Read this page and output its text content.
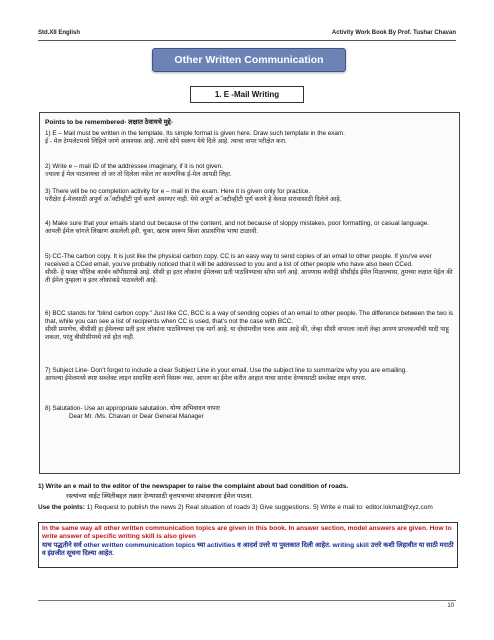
Std.XII English	Activity Work Book By Prof. Tushar Chavan
Other Written Communication
1. E -Mail Writing
Points to be remembered- लक्षात ठेवायचे मुद्दे-
1) E – Mail must be written in the template. Its simple format is given here. Draw such template in the exam.
ई - मेल टेम्पलेटमध्ये लिहिले जाणे आवश्यक आहे. त्याचे सोपे स्वरूप येथे दिले आहे. त्याचा वापर परीक्षेत करा.
2) Write e – mail ID of the addressee imaginary, if it is not given.
ज्याला ई मेल पाठवायचा तो जर तो दिलेला नसेल तर काल्पनिक ई-मेल आयडी लिहा.
3) There will be no completion activity for e – mail in the exam. Here it is given only for practice.
परीक्षेत ई-मेलसाठी अपूर्ण अॅक्टीव्हीटी पूर्ण करणे असणार नाही. येथे अपूर्ण अॅक्टीव्हीटी पूर्ण करणे हे केवळ सरावासाठी दिलेले आहे.
4) Make sure that your emails stand out because of the content, and not because of sloppy mistakes, poor formatting, or casual language.
आपली ईमेल चांगले लिखाण असलेली हवी. चुका, खराब स्वरूप किंवा अप्रासंगिक भाषा टाळावी.
5) CC-The carbon copy. It is just like the physical carbon copy. CC is an easy way to send copies of an email to other people. If you've ever received a CCed email, you've probably noticed that it will be addressed to you and a list of other people who have also been CCed.
सीसी- हे फक्त भौतिक कार्बन कॉपीसारखे आहे. सीसी हा इतर लोकांना ईमेलच्या प्रती पाठविण्याचा सोपा मार्ग आहे. आपणास कधीही सीसीईड ईमेल मिळाल्यास, तुमच्या लक्षात येईल की ती ईमेल तुम्हाला व इतर लोकांकडे पाठवलेली आहे.
6) BCC stands for "blind carbon copy." Just like CC, BCC is a way of sending copies of an email to other people. The difference between the two is that, while you can see a list of recipients when CC is used, that's not the case with BCC.
सीसी प्रमाणेच, बीसीसी हा ईमेलच्या प्रती इतर लोकांना पाठविण्याचा एक मार्ग आहे. या दोघांमधील फरक असा आहे की, जेव्हा सीसी वापरला जातो तेव्हा आपण प्राप्तकर्त्यांची यादी पाहू शकता, परंतु बीसीसीमध्ये तसे होत नाही.
7) Subject Line- Don't forget to include a clear Subject Line in your email. Use the subject line to summarize why you are emailing.
आपल्या ईमेलमध्ये स्पष्ट सब्जेक्ट लाइन समाविष्ट करणे विसरू नका. आपण का ईमेल करीत आहात याचा सारांश देण्यासाठी सब्जेक्ट लाइन वापरा.
8) Salutation- Use an appropriate salutation. योग्य अभिवादन वापरा
Dear Mr. /Ms. Chavan or Dear General Manager
1) Write an e mail to the editor of the newspaper to raise the complaint about bad condition of roads.
रस्त्यांच्या वाईट स्थितीबद्दल तक्रार देण्यासाठी वृत्तपत्राच्या संपादकाला ईमेल पाठवा.
Use the points: 1) Request to publish the news 2) Real situation of roads 3) Give suggestions. 5) Write e mail to: editor.lokmat@xyz.com
In the same way all other written communication topics are given in this book. In answer section, model answers are given. How to write answer of specific writing skill is also given
याच पद्धतीने सर्व other written communication topics च्या activities व आदर्श उत्तरे या पुस्तकात दिली आहेत. writing skill उत्तरे कशी लिहावीत या साठी मराठी व इंग्रजीत सूचना दिल्या आहेत.
10
